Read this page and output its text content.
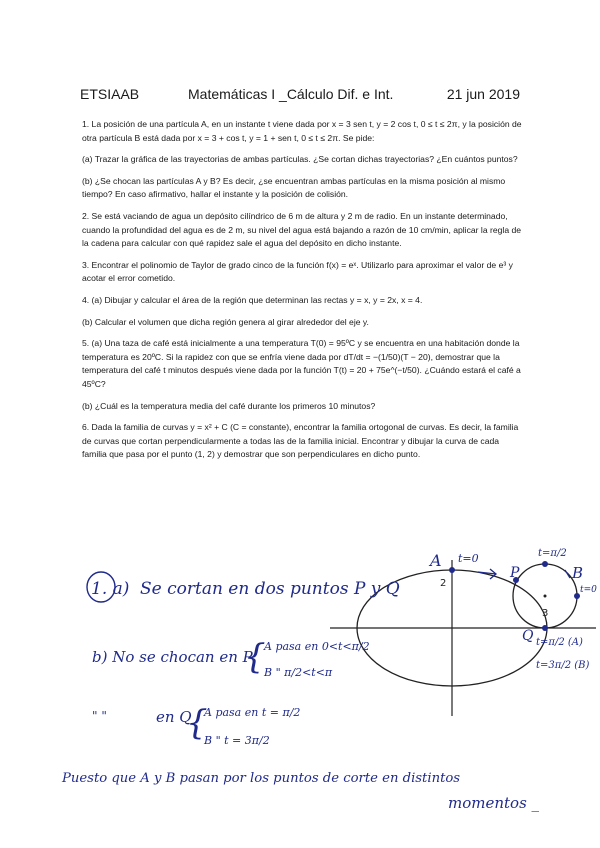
ETSIAAB	Matemáticas I _Cálculo Dif. e Int.	21 jun 2019

1. La posición de una partícula A, en un instante t viene dada por x = 3 sen t, y = 2 cos t, 0 ≤ t ≤ 2π, y la posición de otra partícula B está dada por x = 3 + cos t, y = 1 + sen t, 0 ≤ t ≤ 2π. Se pide:

(a) Trazar la gráfica de las trayectorias de ambas partículas. ¿Se cortan dichas trayectorias? ¿En cuántos puntos?

(b) ¿Se chocan las partículas A y B? Es decir, ¿se encuentran ambas partículas en la misma posición al mismo tiempo? En caso afirmativo, hallar el instante y la posición de colisión.

2. Se está vaciando de agua un depósito cilíndrico de 6 m de altura y 2 m de radio. En un instante determinado, cuando la profundidad del agua es de 2 m, su nivel del agua está bajando a razón de 10 cm/min, aplicar la regla de la cadena para calcular con qué rapidez sale el agua del depósito en dicho instante.

3. Encontrar el polinomio de Taylor de grado cinco de la función f(x) = eˣ. Utilizarlo para aproximar el valor de e³ y acotar el error cometido.

4. (a) Dibujar y calcular el área de la región que determinan las rectas y = x, y = 2x, x = 4.

(b) Calcular el volumen que dicha región genera al girar alrededor del eje y.

5. (a) Una taza de café está inicialmente a una temperatura T(0) = 95ºC y se encuentra en una habitación donde la temperatura es 20ºC. Si la rapidez con que se enfría viene dada por dT/dt = −(1/50)(T − 20), demostrar que la temperatura del café t minutos después viene dada por la función T(t) = 20 + 75e^(−t/50). ¿Cuándo estará el café a 45ºC?

(b) ¿Cuál es la temperatura media del café durante los primeros 10 minutos?

6. Dada la familia de curvas y = x² + C (C = constante), encontrar la familia ortogonal de curvas. Es decir, la familia de curvas que cortan perpendicularmente a todas las de la familia inicial. Encontrar y dibujar la curva de cada familia que pasa por el punto (1, 2) y demostrar que son perpendiculares en dicho punto.

A t=0
2
P
t=π/2
B
t=0
3
Q t=π/2 (A)
t=3π/2 (B)
1. a) Se cortan en dos puntos P y Q
b) No se chocan en P
{
A pasa en 0<t<π/2
B " π/2<t<π
" "	en Q
{
A pasa en t = π/2
B " t = 3π/2
Puesto que A y B pasan por los puntos de corte en distintos
momentos _
